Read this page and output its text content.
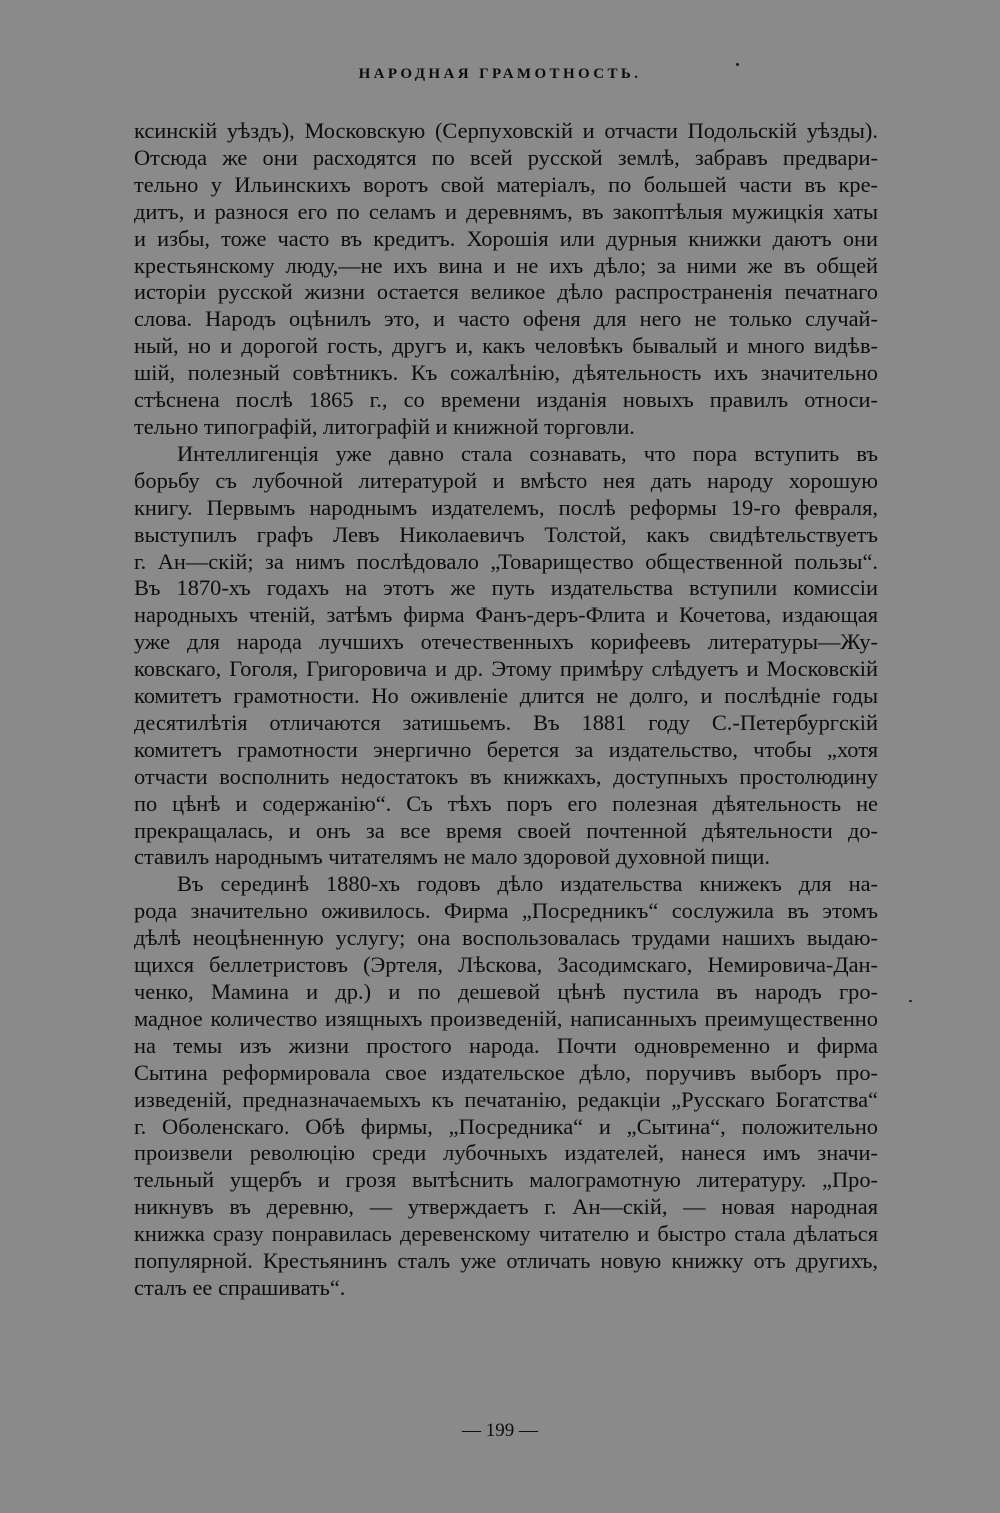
НАРОДНАЯ ГРАМОТНОСТЬ.
ксинскій уѣздъ), Московскую (Серпуховскій и отчасти Подольскій уѣзды).
Отсюда же они расходятся по всей русской землѣ, забравъ предвари-
тельно у Ильинскихъ воротъ свой матеріалъ, по большей части въ кре-
дитъ, и разнося его по селамъ и деревнямъ, въ закоптѣлыя мужицкія хаты
и избы, тоже часто въ кредитъ. Хорошія или дурныя книжки даютъ они
крестьянскому люду,—не ихъ вина и не ихъ дѣло; за ними же въ общей
исторіи русской жизни остается великое дѣло распространенія печатнаго
слова. Народъ оцѣнилъ это, и часто офеня для него не только случай-
ный, но и дорогой гость, другъ и, какъ человѣкъ бывалый и много видѣв-
шій, полезный совѣтникъ. Къ сожалѣнію, дѣятельность ихъ значительно
стѣснена послѣ 1865 г., со времени изданія новыхъ правилъ относи-
тельно типографій, литографій и книжной торговли.
Интеллигенція уже давно стала сознавать, что пора вступить въ
борьбу съ лубочной литературой и вмѣсто нея дать народу хорошую
книгу. Первымъ народнымъ издателемъ, послѣ реформы 19-го февраля,
выступилъ графъ Левъ Николаевичъ Толстой, какъ свидѣтельствуетъ
г. Ан—скій; за нимъ послѣдовало „Товарищество общественной пользы“.
Въ 1870-хъ годахъ на этотъ же путь издательства вступили комиссіи
народныхъ чтеній, затѣмъ фирма Фанъ-деръ-Флита и Кочетова, издающая
уже для народа лучшихъ отечественныхъ корифеевъ литературы—Жу-
ковскаго, Гоголя, Григоровича и др. Этому примѣру слѣдуетъ и Московскій
комитетъ грамотности. Но оживленіе длится не долго, и послѣдніе годы
десятилѣтія отличаются затишьемъ. Въ 1881 году С.-Петербургскій
комитетъ грамотности энергично берется за издательство, чтобы „хотя
отчасти восполнить недостатокъ въ книжкахъ, доступныхъ простолюдину
по цѣнѣ и содержанію“. Съ тѣхъ поръ его полезная дѣятельность не
прекращалась, и онъ за все время своей почтенной дѣятельности до-
ставилъ народнымъ читателямъ не мало здоровой духовной пищи.
Въ серединѣ 1880-хъ годовъ дѣло издательства книжекъ для на-
рода значительно оживилось. Фирма „Посредникъ“ сослужила въ этомъ
дѣлѣ неоцѣненную услугу; она воспользовалась трудами нашихъ выдаю-
щихся беллетристовъ (Эртеля, Лѣскова, Засодимскаго, Немировича-Дан-
ченко, Мамина и др.) и по дешевой цѣнѣ пустила въ народъ гро-
мадное количество изящныхъ произведеній, написанныхъ преимущественно
на темы изъ жизни простого народа. Почти одновременно и фирма
Сытина реформировала свое издательское дѣло, поручивъ выборъ про-
изведеній, предназначаемыхъ къ печатанію, редакціи „Русскаго Богатства“
г. Оболенскаго. Обѣ фирмы, „Посредника“ и „Сытина“, положительно
произвели революцію среди лубочныхъ издателей, нанеся имъ значи-
тельный ущербъ и грозя вытѣснить малограмотную литературу. „Про-
никнувъ въ деревню, — утверждаетъ г. Ан—скій, — новая народная
книжка сразу понравилась деревенскому читателю и быстро стала дѣлаться
популярной. Крестьянинъ сталъ уже отличать новую книжку отъ другихъ,
сталъ ее спрашивать“.
— 199 —
